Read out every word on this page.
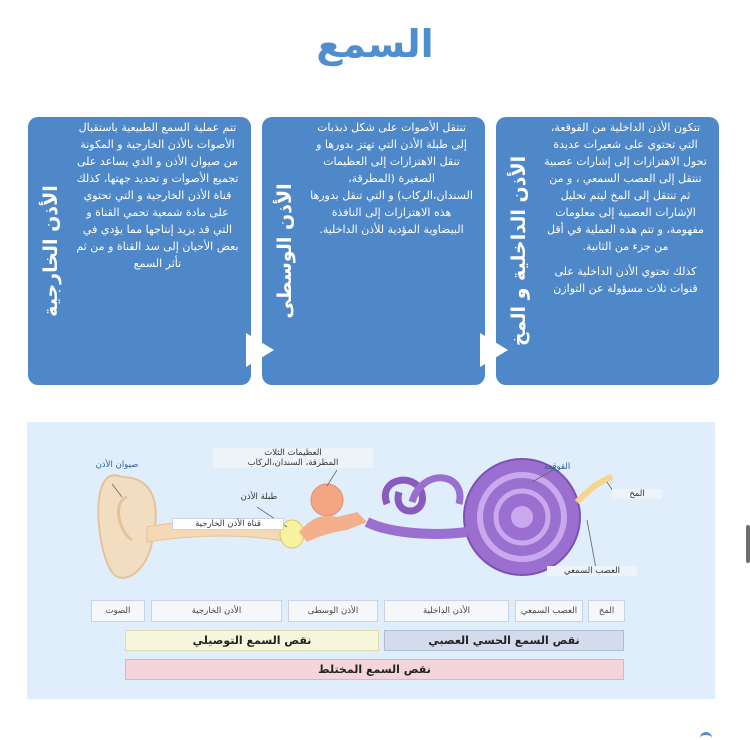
السمع
الأذن الخارجية

تتم عملية السمع الطبيعية باستقبال الأصوات بالأذن الخارجية و المكونة من صيوان الأذن و الذي يساعد على تجميع الأصوات و تحديد جهتها، كذلك قناة الأذن الخارجية و التي تحتوي على مادة شمعية تحمي القناة و التي قد يزيد إنتاجها مما يؤدي في بعض الأحيان إلى سد القناة و من ثم تأثر السمع	الأذن الوسطى

تنتقل الأصوات على شكل ذبذبات إلى طبلة الأذن التي تهتز بدورها و تنقل الاهتزازات إلى العظيمات الصغيرة (المطرقة، السندان،الركاب) و التي تنقل بدورها هذه الاهتزازات إلى النافذة البيضاوية المؤدية للأذن الداخلية.	الأذن الداخلية و المخ

تتكون الأذن الداخلية من القوقعة، التي تحتوي على شعيرات عديدة تحول الاهتزازات إلى إشارات عصبية تنتقل إلى العصب السمعي ، و من ثم تنتقل إلى المخ ليتم تحليل الإشارات العصبية إلى معلومات مفهومة، و تتم هذه العملية في أقل من جزء من الثانية.

كذلك تحتوي الأذن الداخلية على قنوات ثلاث مسؤولة عن التوازن

صيوان الأذن
قناة الأذن الخارجية
طبلة الأذن
العظيمات الثلاث
المطرقة، السندان،الركاب	القوقعة
المخ
العصب السمعي
المخ
العصب السمعي
الأذن الداخلية
الأذن الوسطى
الأذن الخارجية
الصوت
نقص السمع الحسي العصبي
نقص السمع التوصيلي
نقص السمع المختلط
